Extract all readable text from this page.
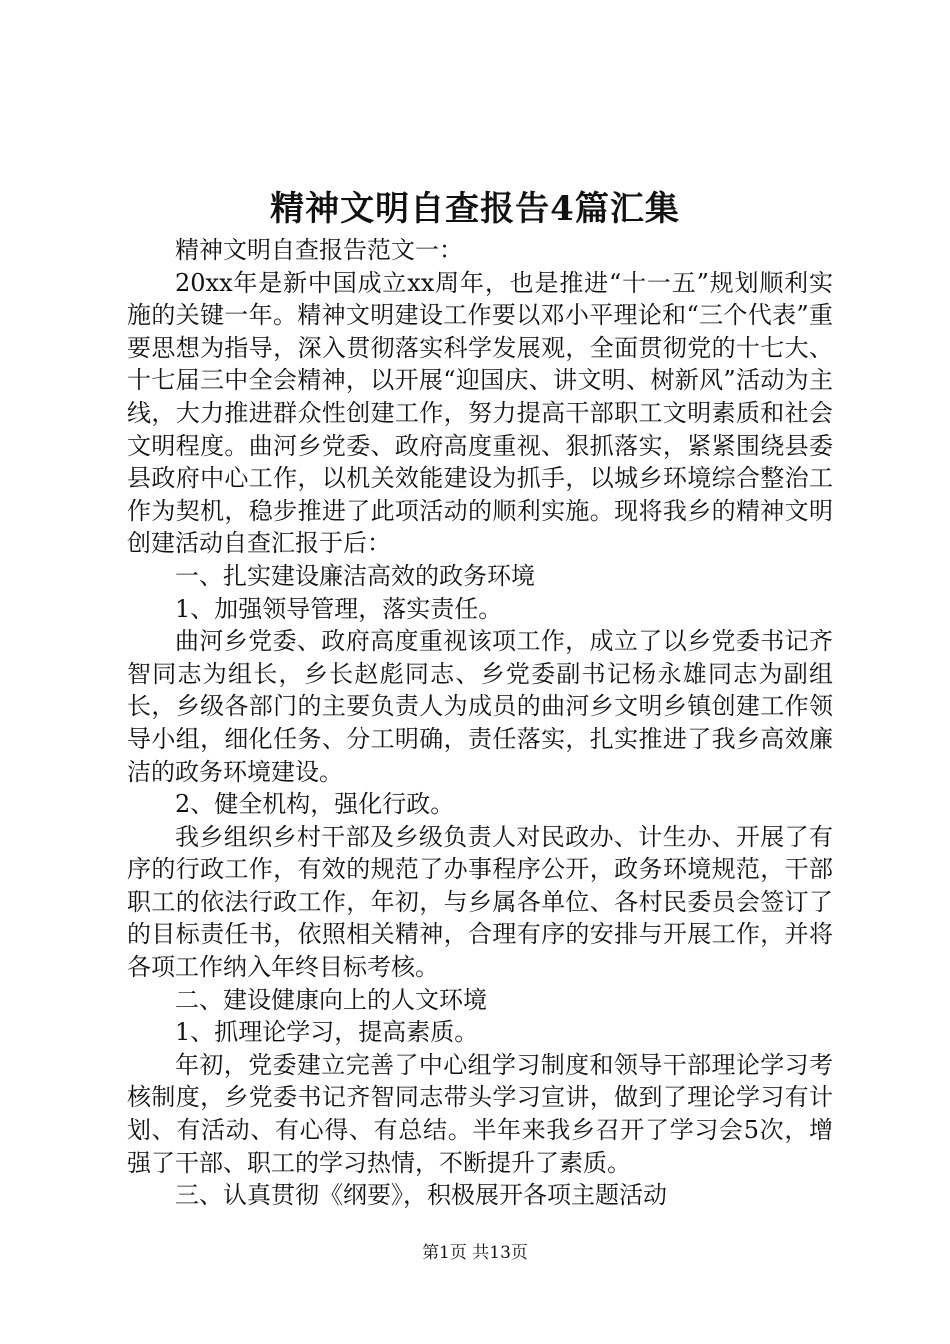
精神文明自查报告4篇汇集

精神文明自查报告范文一：

20xx年是新中国成立xx周年，也是推进“十一五”规划顺利实施的关键一年。精神文明建设工作要以邓小平理论和“三个代表”重要思想为指导，深入贯彻落实科学发展观，全面贯彻党的十七大、十七届三中全会精神，以开展“迎国庆、讲文明、树新风”活动为主线，大力推进群众性创建工作，努力提高干部职工文明素质和社会文明程度。曲河乡党委、政府高度重视、狠抓落实，紧紧围绕县委县政府中心工作，以机关效能建设为抓手，以城乡环境综合整治工作为契机，稳步推进了此项活动的顺利实施。现将我乡的精神文明创建活动自查汇报于后：

一、扎实建设廉洁高效的政务环境

1、加强领导管理，落实责任。

曲河乡党委、政府高度重视该项工作，成立了以乡党委书记齐智同志为组长，乡长赵彪同志、乡党委副书记杨永雄同志为副组长，乡级各部门的主要负责人为成员的曲河乡文明乡镇创建工作领导小组，细化任务、分工明确，责任落实，扎实推进了我乡高效廉洁的政务环境建设。

2、健全机构，强化行政。

我乡组织乡村干部及乡级负责人对民政办、计生办、开展了有序的行政工作，有效的规范了办事程序公开，政务环境规范，干部职工的依法行政工作，年初，与乡属各单位、各村民委员会签订了的目标责任书，依照相关精神，合理有序的安排与开展工作，并将各项工作纳入年终目标考核。

二、建设健康向上的人文环境

1、抓理论学习，提高素质。

年初，党委建立完善了中心组学习制度和领导干部理论学习考核制度，乡党委书记齐智同志带头学习宣讲，做到了理论学习有计划、有活动、有心得、有总结。半年来我乡召开了学习会5次，增强了干部、职工的学习热情，不断提升了素质。

三、认真贯彻《纲要》，积极展开各项主题活动

第1页 共13页
